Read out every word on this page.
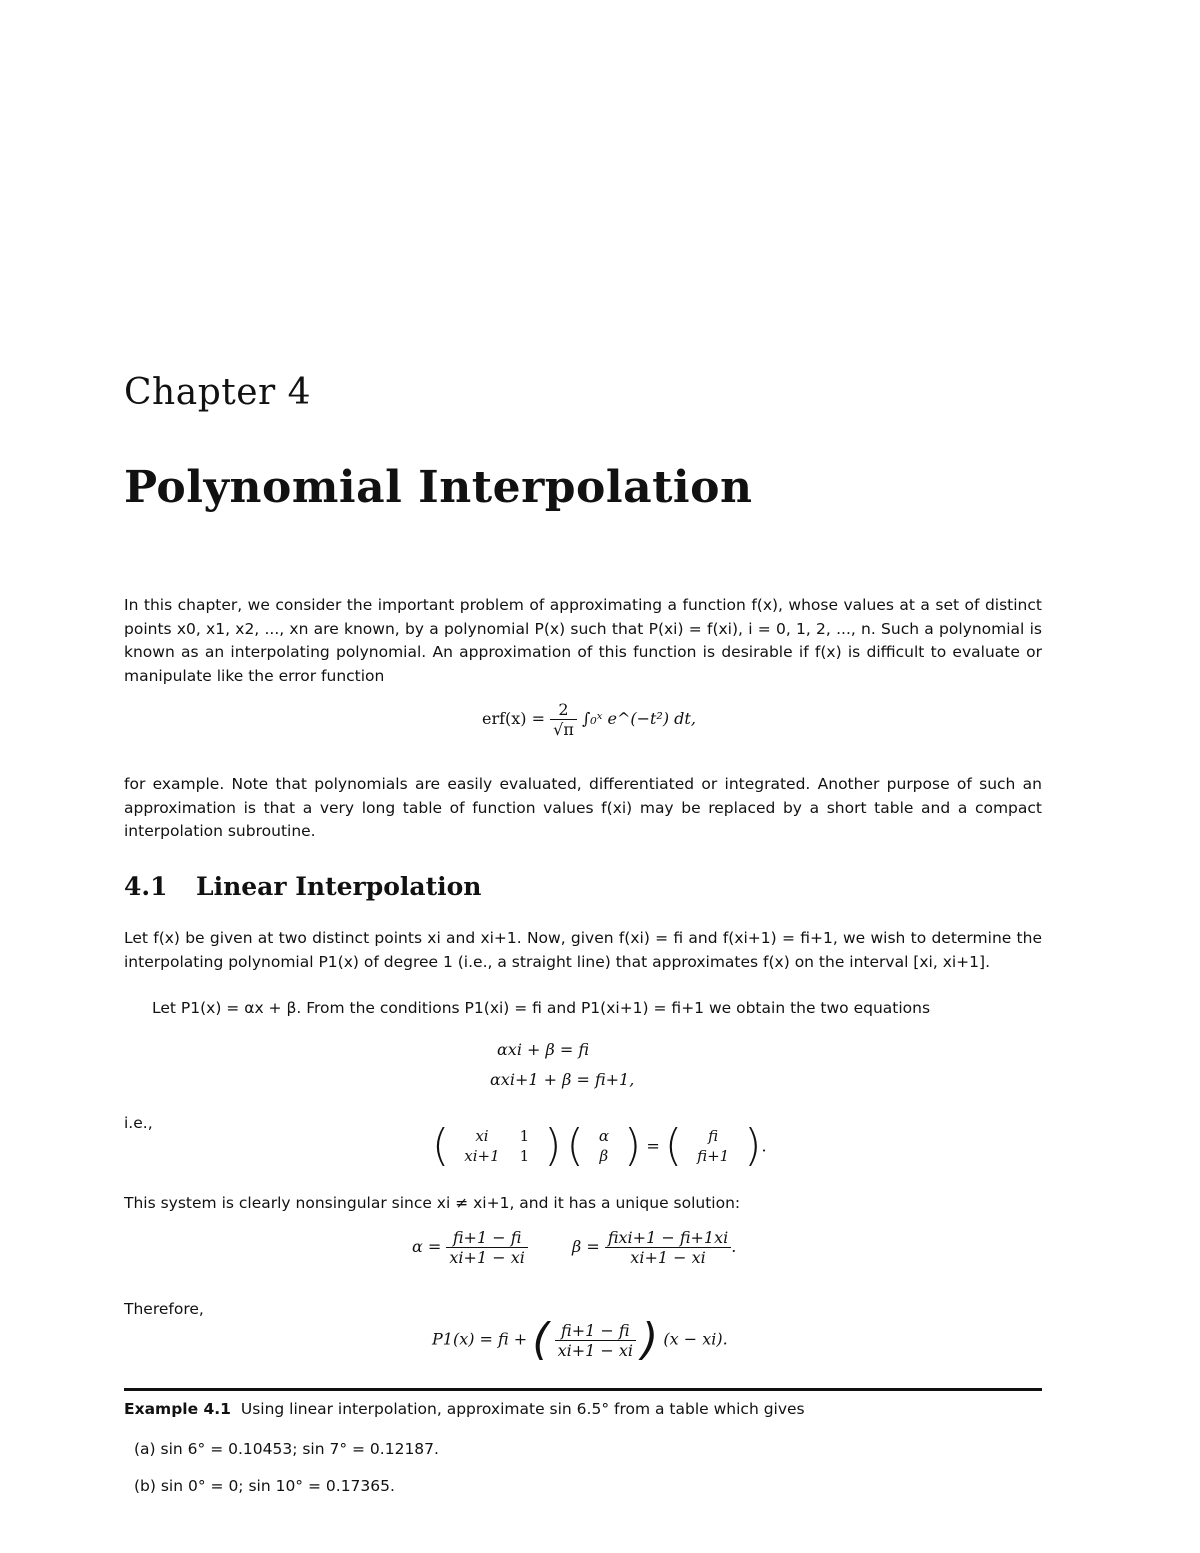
Chapter 4
Polynomial Interpolation
In this chapter, we consider the important problem of approximating a function f(x), whose values at a set of distinct points x0, x1, x2, ..., xn are known, by a polynomial P(x) such that P(xi) = f(xi), i = 0, 1, 2, ..., n. Such a polynomial is known as an interpolating polynomial. An approximation of this function is desirable if f(x) is difficult to evaluate or manipulate like the error function
$erf(x) = \frac{2}{√\pi}$ ∫₀ˣ e^(−t²) dt,
for example. Note that polynomials are easily evaluated, differentiated or integrated. Another purpose of such an approximation is that a very long table of function values f(xi) may be replaced by a short table and a compact interpolation subroutine.
4.1 Linear Interpolation
Let f(x) be given at two distinct points xi and xi+1. Now, given f(xi) = fi and f(xi+1) = fi+1, we wish to determine the interpolating polynomial P1(x) of degree 1 (i.e., a straight line) that approximates f(x) on the interval [xi, xi+1].
Let P1(x) = αx + β. From the conditions P1(xi) = fi and P1(xi+1) = fi+1 we obtain the two equations
αxi + β = fi
αxi+1 + β = fi+1,
i.e.,	( xi	1
xi+1	1 ) ( α
β ) = ( fi
fi+1 ).
This system is clearly nonsingular since xi ≠ xi+1, and it has a unique solution:
$\alpha = \frac{fi+1 - fi}{xi+1 - xi}$	$\beta = \frac{\text{fixi+1 − fi+1xi}}{xi+1 - xi}$ .
Therefore,
P1(x) = fi + ( $\frac{fi+1 - fi}{xi+1 - xi}$ ) (x − xi).
Example 4.1 Using linear interpolation, approximate sin 6.5° from a table which gives
(a) sin 6° = 0.10453; sin 7° = 0.12187.
(b) sin 0° = 0; sin 10° = 0.17365.
